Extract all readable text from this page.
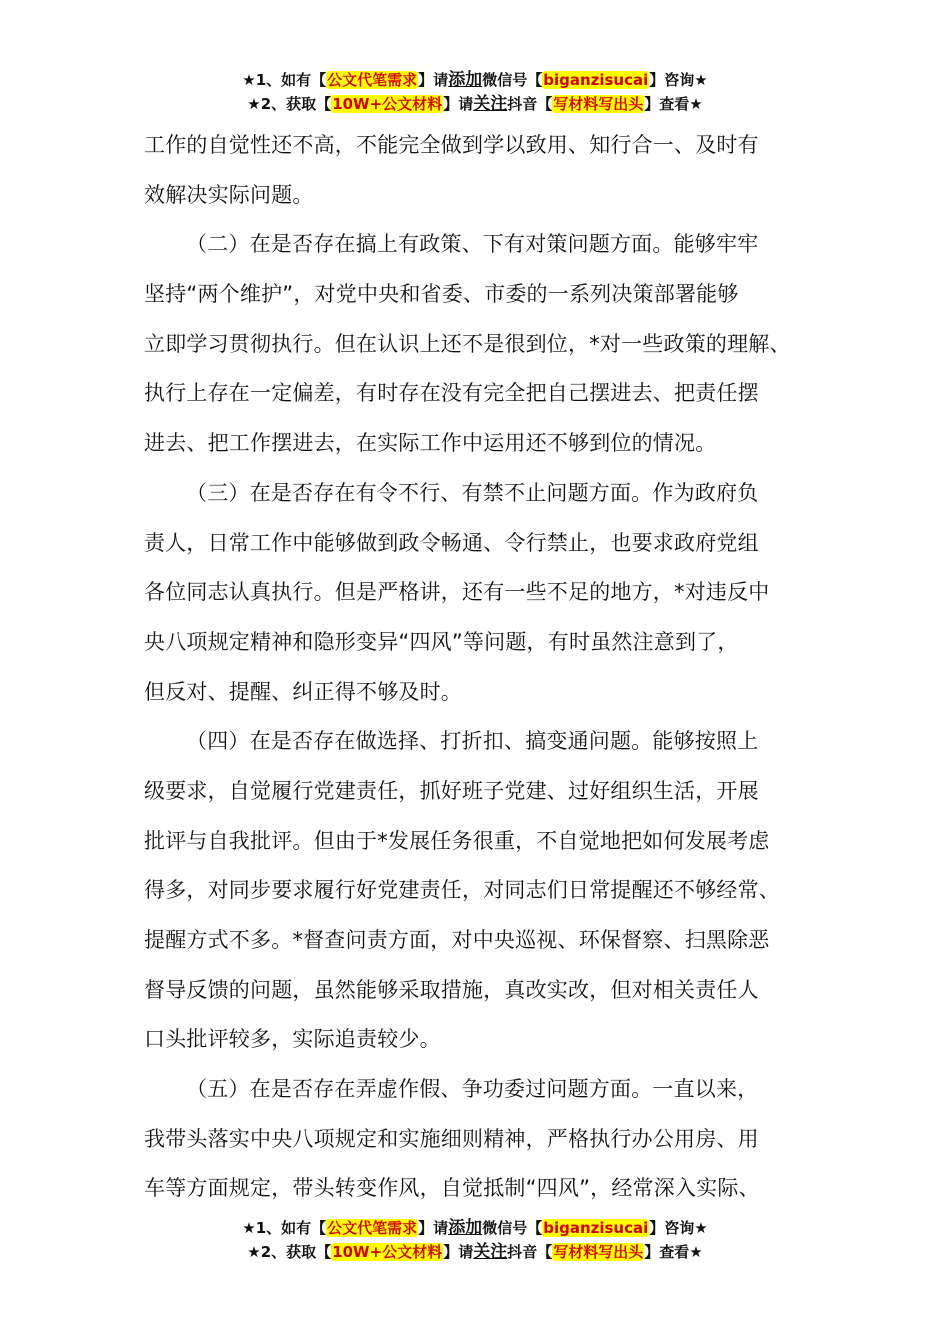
★1、如有【公文代笔需求】请添加微信号【biganzisucai】咨询★
★2、获取【10W+公文材料】请关注抖音【写材料写出头】查看★
工作的自觉性还不高，不能完全做到学以致用、知行合一、及时有
效解决实际问题。
（二）在是否存在搞上有政策、下有对策问题方面。能够牢牢
坚持“两个维护”，对党中央和省委、市委的一系列决策部署能够
立即学习贯彻执行。但在认识上还不是很到位，*对一些政策的理解、
执行上存在一定偏差，有时存在没有完全把自己摆进去、把责任摆
进去、把工作摆进去，在实际工作中运用还不够到位的情况。
（三）在是否存在有令不行、有禁不止问题方面。作为政府负
责人，日常工作中能够做到政令畅通、令行禁止，也要求政府党组
各位同志认真执行。但是严格讲，还有一些不足的地方，*对违反中
央八项规定精神和隐形变异“四风”等问题，有时虽然注意到了，
但反对、提醒、纠正得不够及时。
（四）在是否存在做选择、打折扣、搞变通问题。能够按照上
级要求，自觉履行党建责任，抓好班子党建、过好组织生活，开展
批评与自我批评。但由于*发展任务很重，不自觉地把如何发展考虑
得多，对同步要求履行好党建责任，对同志们日常提醒还不够经常、
提醒方式不多。*督查问责方面，对中央巡视、环保督察、扫黑除恶
督导反馈的问题，虽然能够采取措施，真改实改，但对相关责任人
口头批评较多，实际追责较少。
（五）在是否存在弄虚作假、争功委过问题方面。一直以来，
我带头落实中央八项规定和实施细则精神，严格执行办公用房、用
车等方面规定，带头转变作风，自觉抵制“四风”，经常深入实际、
★1、如有【公文代笔需求】请添加微信号【biganzisucai】咨询★
★2、获取【10W+公文材料】请关注抖音【写材料写出头】查看★
